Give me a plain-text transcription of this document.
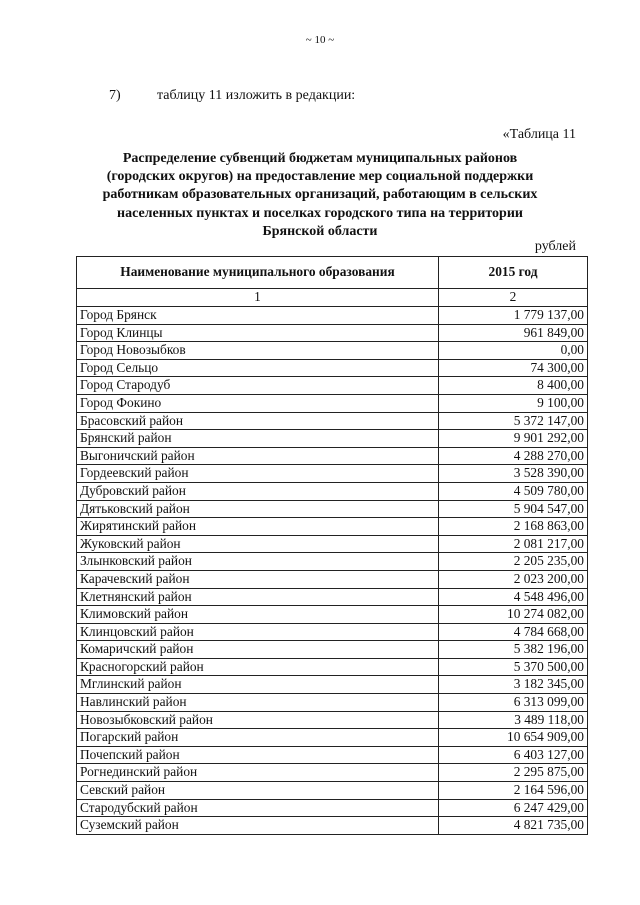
~ 10 ~
7)	таблицу 11 изложить в редакции:
«Таблица 11
Распределение субвенций бюджетам муниципальных районов
(городских округов) на предоставление мер социальной поддержки
работникам образовательных организаций, работающим в сельских
населенных пунктах и поселках городского типа на территории
Брянской области
рублей
Наименование муниципального образования	2015 год
1	2
Город Брянск	1 779 137,00
Город Клинцы	961 849,00
Город Новозыбков	0,00
Город Сельцо	74 300,00
Город Стародуб	8 400,00
Город Фокино	9 100,00
Брасовский район	5 372 147,00
Брянский район	9 901 292,00
Выгоничский район	4 288 270,00
Гордеевский район	3 528 390,00
Дубровский район	4 509 780,00
Дятьковский район	5 904 547,00
Жирятинский район	2 168 863,00
Жуковский район	2 081 217,00
Злынковский район	2 205 235,00
Карачевский район	2 023 200,00
Клетнянский район	4 548 496,00
Климовский район	10 274 082,00
Клинцовский район	4 784 668,00
Комаричский район	5 382 196,00
Красногорский район	5 370 500,00
Мглинский район	3 182 345,00
Навлинский район	6 313 099,00
Новозыбковский район	3 489 118,00
Погарский район	10 654 909,00
Почепский район	6 403 127,00
Рогнединский район	2 295 875,00
Севский район	2 164 596,00
Стародубский район	6 247 429,00
Суземский район	4 821 735,00
